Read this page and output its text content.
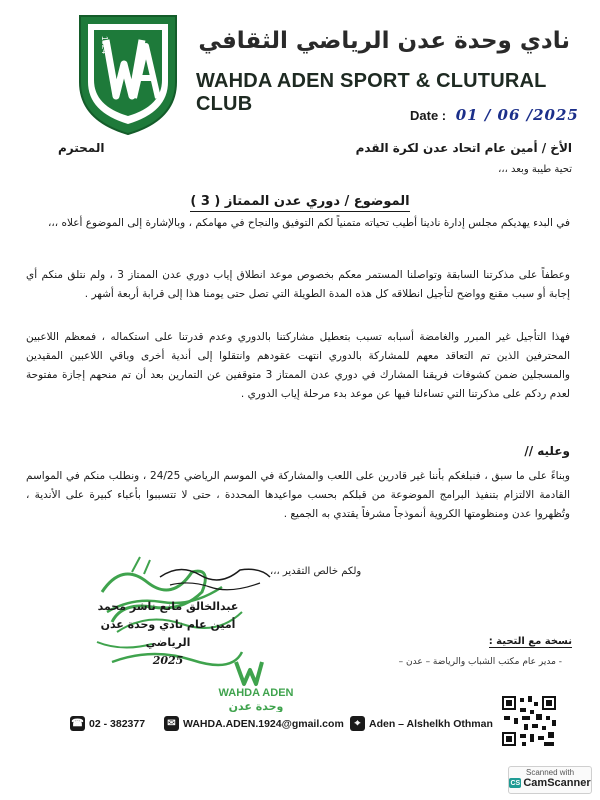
1924	نادي وحدة عدن الرياضي الثقافي
WAHDA ADEN SPORT & CLUTURAL CLUB
Date : 01 / 06 /2025
الأخ / أمين عام اتحاد عدن لكرة القدم
المحترم
تحية طيبة وبعد ،،،
الموضوع / دوري عدن الممتاز ( 3 )
في البدء يهديكم مجلس إدارة نادينا أطيب تحياته متمنياً لكم التوفيق والنجاح في مهامكم ، وبالإشارة إلى الموضوع أعلاه ،،،
وعطفاً على مذكرتنا السابقة وتواصلنا المستمر معكم بخصوص موعد انطلاق إياب دوري عدن الممتاز 3 ، ولم نتلق منكم أي إجابة أو سبب مقنع وواضح لتأجيل انطلاقه كل هذه المدة الطويلة التي تصل حتى يومنا هذا إلى قرابة أربعة أشهر .
فهذا التأجيل غير المبرر والغامضة أسبابه تسبب بتعطيل مشاركتنا بالدوري وعدم قدرتنا على استكماله ، فمعظم اللاعبين المحترفين الذين تم التعاقد معهم للمشاركة بالدوري انتهت عقودهم وانتقلوا إلى أندية أخرى وباقي اللاعبين المقيدين والمسجلين ضمن كشوفات فريقنا المشارك في دوري عدن الممتاز 3 متوقفين عن التمارين بعد أن تم منحهم إجازة مفتوحة لعدم ردكم على مذكرتنا التي تساءلنا فيها عن موعد بدء مرحلة إياب الدوري .
وعليه //
وبناءً على ما سبق ، فنبلغكم بأننا غير قادرين على اللعب والمشاركة في الموسم الرياضي 24/25 ، ونطلب منكم في المواسم القادمة الالتزام بتنفيذ البرامج الموضوعة من قبلكم بحسب مواعيدها المحددة ، حتى لا تتسببوا بأعباء كبيرة على الأندية ، وتُظهروا عدن ومنظومتها الكروية أنموذجاً مشرفاً يقتدي به الجميع .
ولكم خالص التقدير ،،،
عبدالخالق مانع ناشر محمد
أمين عام نادي وحدة عدن الرياضي
2025
نسخة مع التحية :
- مدير عام مكتب الشباب والرياضة – عدن –
WAHDA ADEN
وحدة عدن
☎ 02 - 382377	✉ WAHDA.ADEN.1924@gmail.com	⌖ Aden – Alshelkh Othman
Scanned with
CS CamScanner
